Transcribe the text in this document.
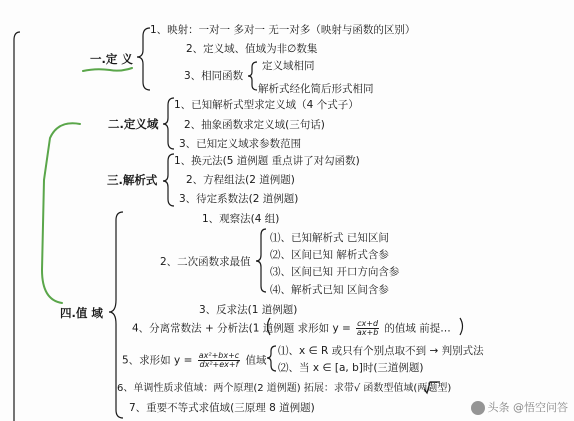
一.定 义
1、映射：一对一 多对一 无一对多（映射与函数的区别）
2、定义域、值域为非∅数集
3、相同函数
定义域相同
解析式经化简后形式相同
二.定义域
1、已知解析式型求定义域（4 个式子）
2、抽象函数求定义域(三句话)
3、已知定义域求参数范围
三.解析式
1、换元法(5 道例题 重点讲了对勾函数)
2、方程组法(2 道例题)
3、待定系数法(2 道例题)
四.值 域
1、观察法(4 组)
2、二次函数求最值
⑴、已知解析式 已知区间
⑵、区间已知 解析式含参
⑶、区间已知 开口方向含参
⑷、解析式已知 区间含参
3、反求法(1 道例题)
4、分离常数法 + 分析法(1 道例题 求形如 $y = \frac{cx+d}{ax+b}$ 的值域 前提…
5、求形如 $y = \frac{\text{ax²+bx+c}}{\text{dx²+ex+f}}$ 值域
⑴、x ∈ R 或只有个别点取不到 → 判别式法
⑵、当 x ∈ [a, b]时(三道例题)
6、单调性质求值域：两个原理(2 道例题) 拓展：求带√ 函数型值域(两题型)
7、重要不等式求值域(三原理 8 道例题)	头条 @悟空问答
